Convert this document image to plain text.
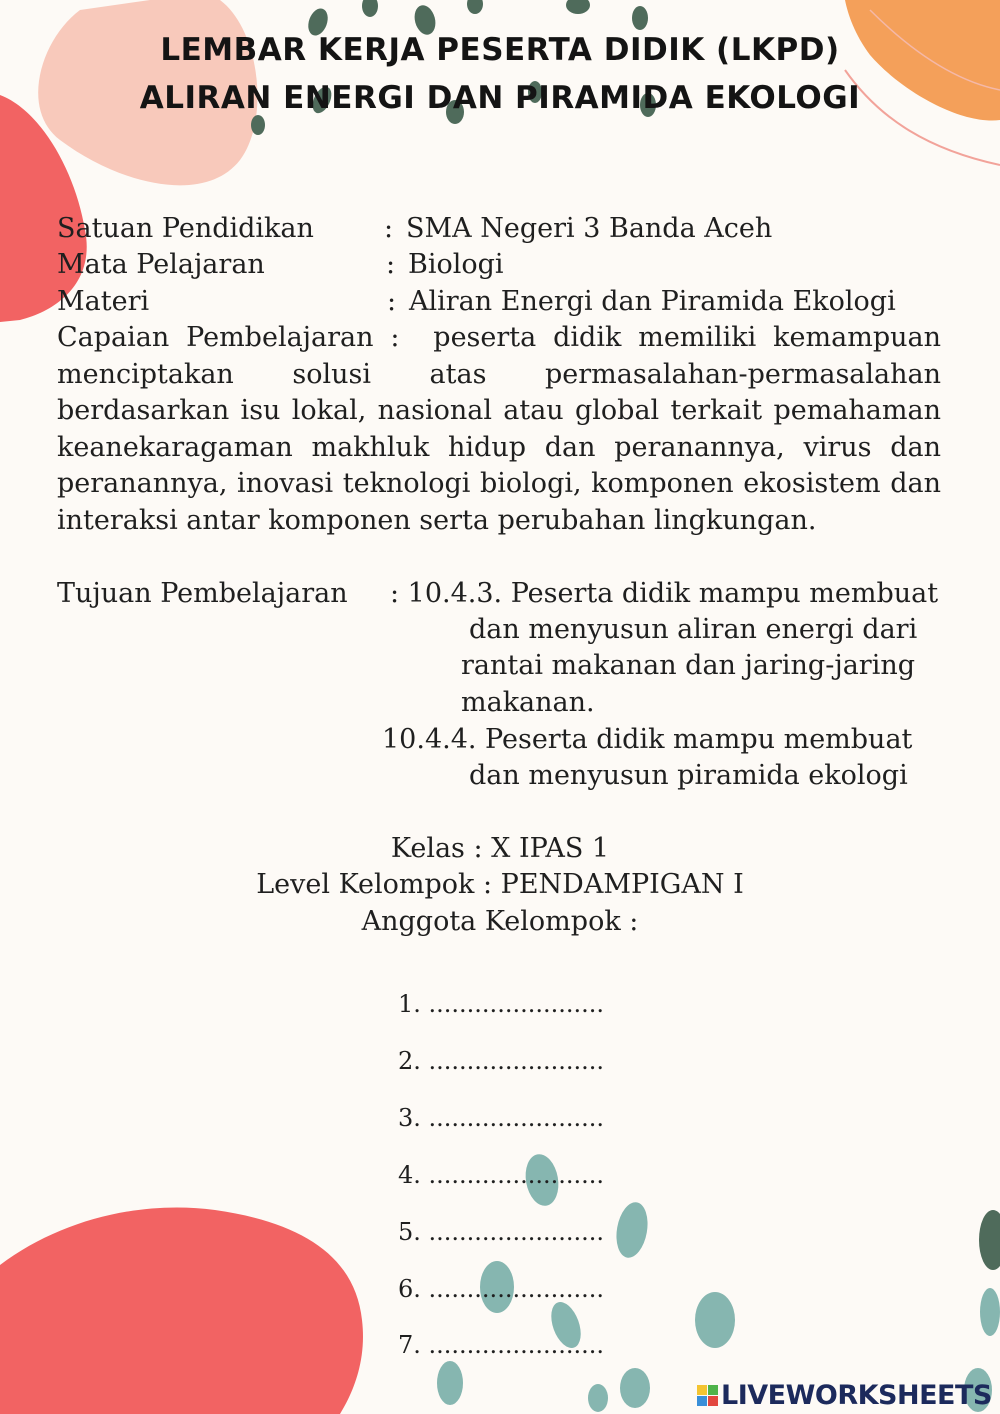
LEMBAR KERJA PESERTA DIDIK (LKPD)
ALIRAN ENERGI DAN PIRAMIDA EKOLOGI
Satuan Pendidikan	: SMA Negeri 3 Banda Aceh
Mata Pelajaran	: Biologi
Materi	: Aliran Energi dan Piramida Ekologi
Capaian Pembelajaran :  peserta didik memiliki kemampuan menciptakan solusi atas permasalahan-permasalahan berdasarkan isu lokal, nasional atau global terkait pemahaman keanekaragaman makhluk hidup dan peranannya, virus dan peranannya, inovasi teknologi biologi, komponen ekosistem dan interaksi antar komponen serta perubahan lingkungan.
Tujuan Pembelajaran : 10.4.3. Peserta didik mampu membuat
dan menyusun aliran energi dari
rantai makanan dan jaring-jaring
makanan.
10.4.4. Peserta didik mampu membuat
dan menyusun piramida ekologi
Kelas : X IPAS 1
Level Kelompok : PENDAMPIGAN I
Anggota Kelompok :
1. .......................
2. .......................
3. .......................
4. .......................
5. .......................
6. .......................
7. .......................
LIVEWORKSHEETS
